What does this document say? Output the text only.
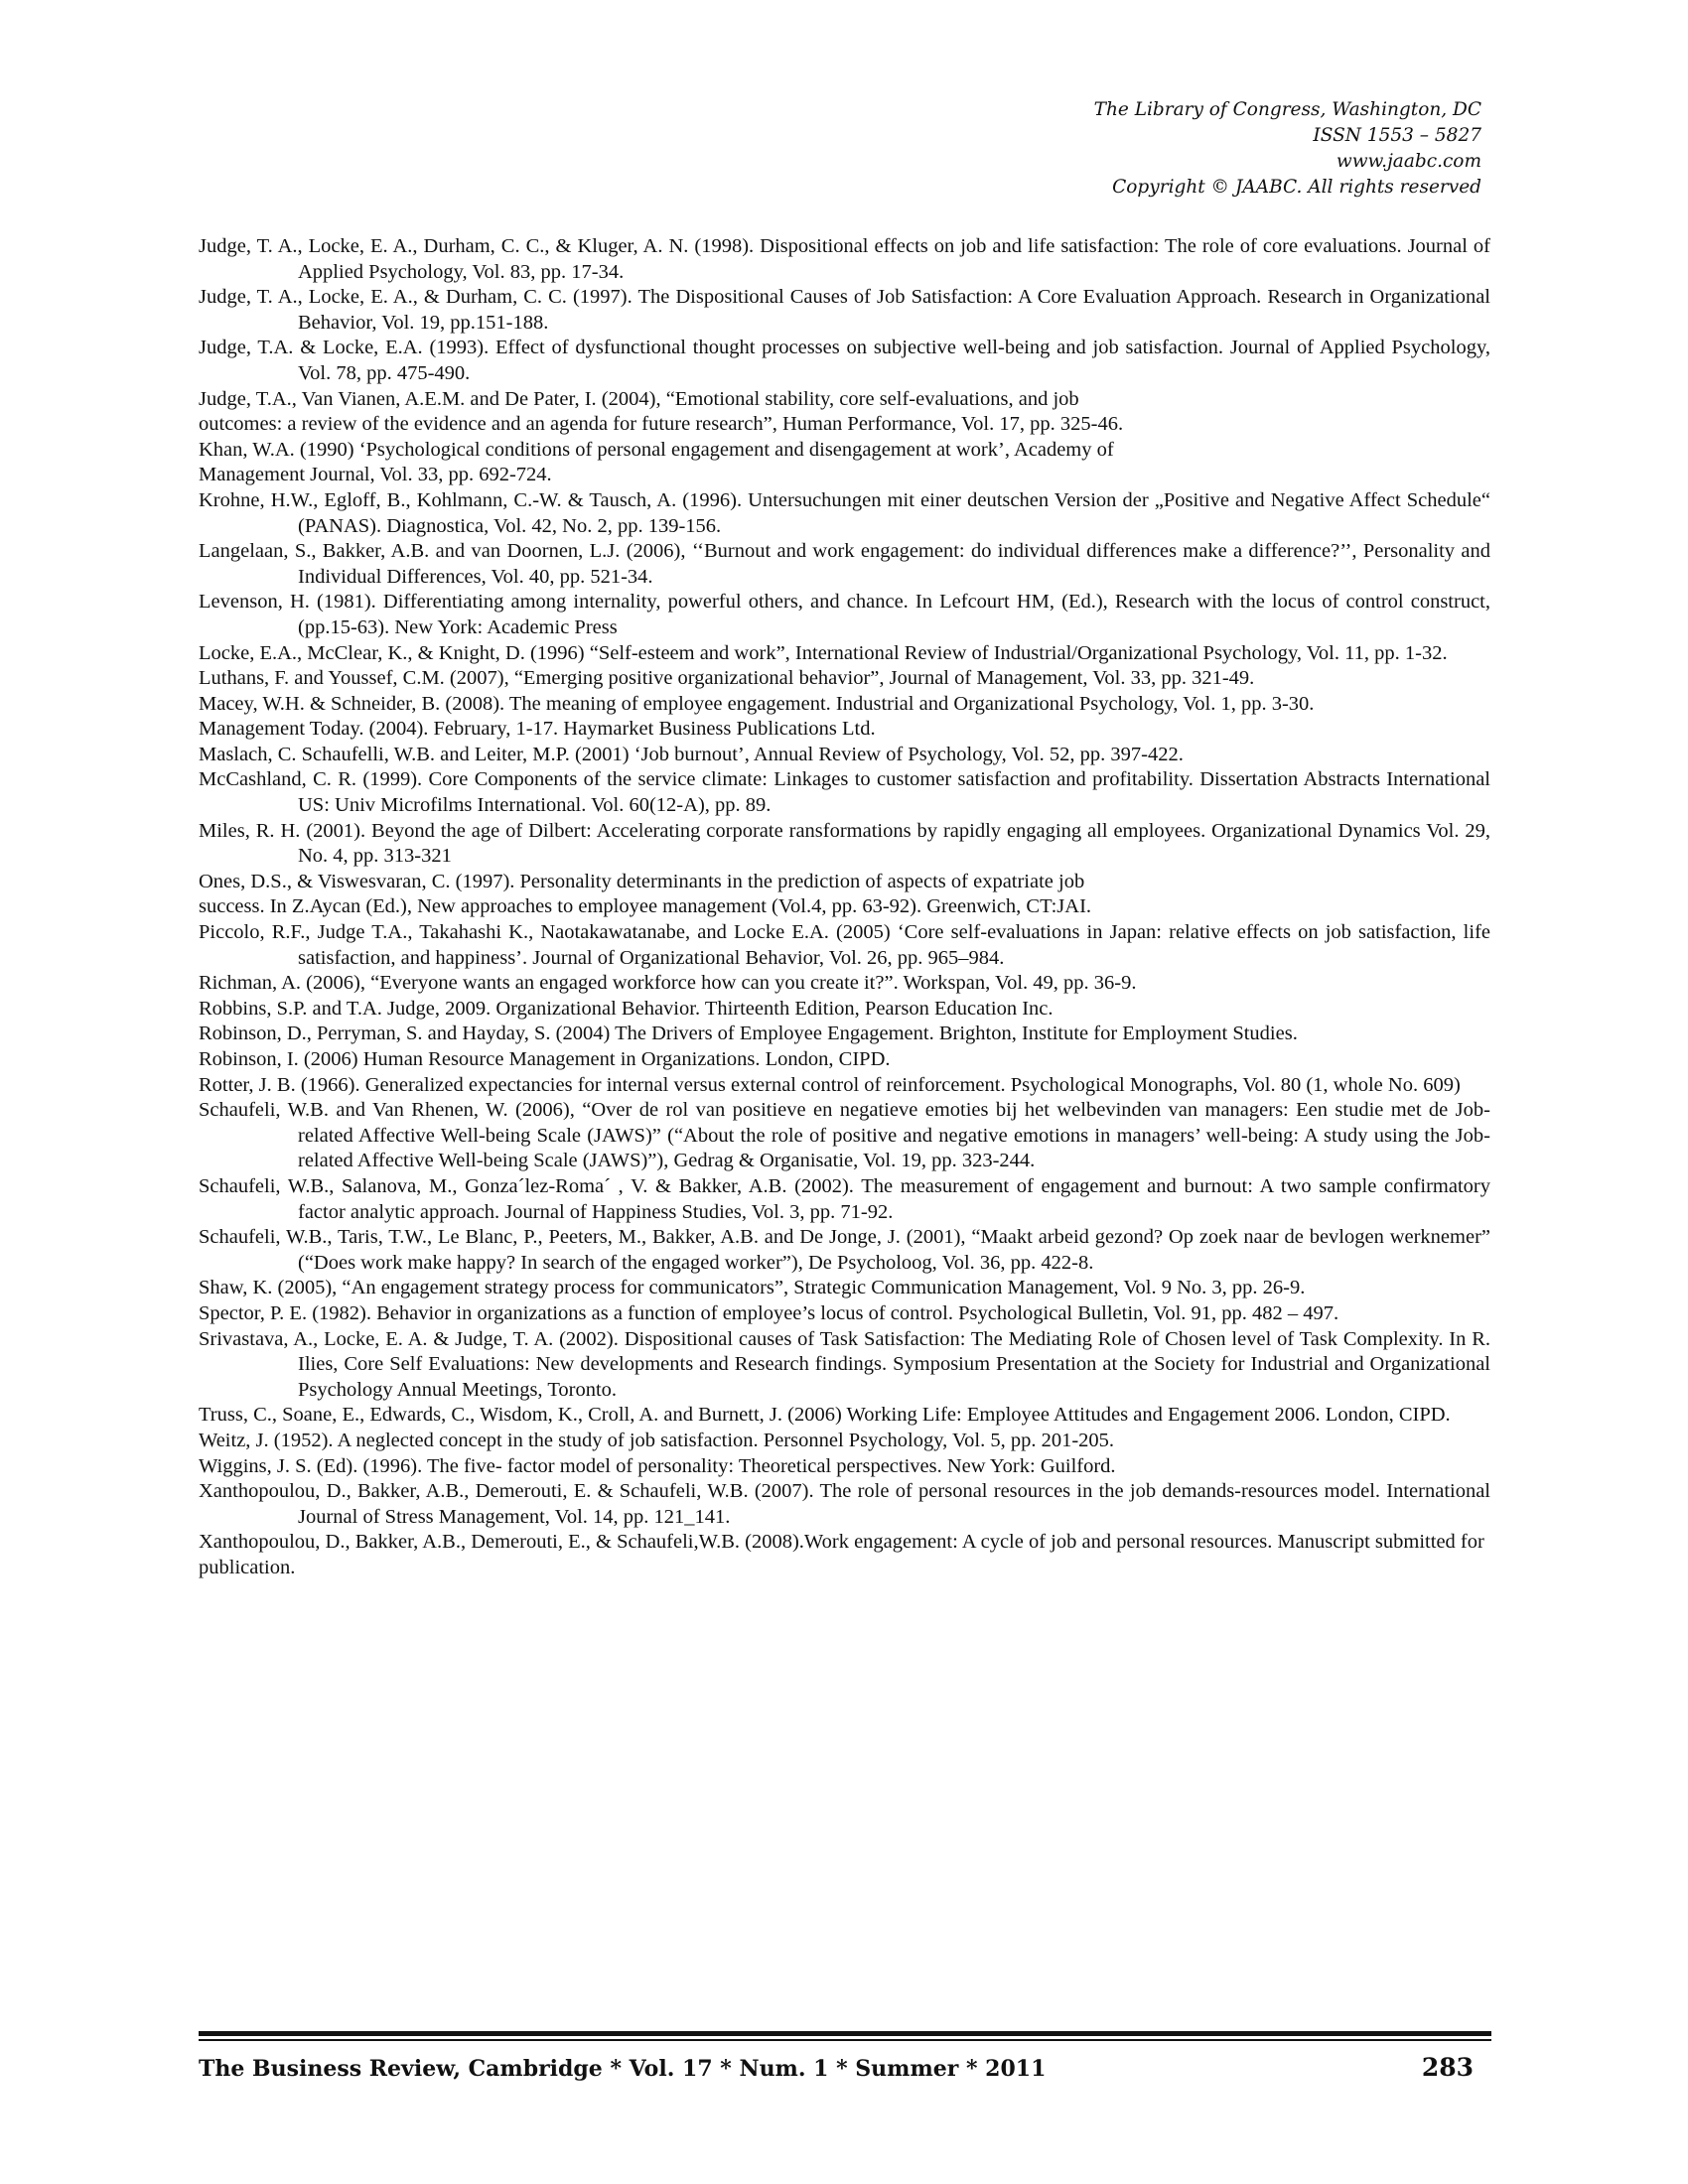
The Library of Congress, Washington, DC
ISSN 1553 – 5827
www.jaabc.com
Copyright © JAABC. All rights reserved

Judge, T. A., Locke, E. A., Durham, C. C., & Kluger, A. N. (1998). Dispositional effects on job and life satisfaction: The role of core evaluations. Journal of Applied Psychology, Vol. 83, pp. 17-34.

Judge, T. A., Locke, E. A., & Durham, C. C. (1997). The Dispositional Causes of Job Satisfaction: A Core Evaluation Approach. Research in Organizational Behavior, Vol. 19, pp.151-188.

Judge, T.A. & Locke, E.A. (1993). Effect of dysfunctional thought processes on subjective well-being and job satisfaction. Journal of Applied Psychology, Vol. 78, pp. 475-490.

Judge, T.A., Van Vianen, A.E.M. and De Pater, I. (2004), “Emotional stability, core self-evaluations, and job

outcomes: a review of the evidence and an agenda for future research”, Human Performance, Vol. 17, pp. 325-46.

Khan, W.A. (1990) ‘Psychological conditions of personal engagement and disengagement at work’, Academy of

Management Journal, Vol. 33, pp. 692-724.

Krohne, H.W., Egloff, B., Kohlmann, C.-W. & Tausch, A. (1996). Untersuchungen mit einer deutschen Version der „Positive and Negative Affect Schedule“ (PANAS). Diagnostica, Vol. 42, No. 2, pp. 139-156.

Langelaan, S., Bakker, A.B. and van Doornen, L.J. (2006), ‘‘Burnout and work engagement: do individual differences make a difference?’’, Personality and Individual Differences, Vol. 40, pp. 521-34.

Levenson, H. (1981). Differentiating among internality, powerful others, and chance. In Lefcourt HM, (Ed.), Research with the locus of control construct, (pp.15-63). New York: Academic Press

Locke, E.A., McClear, K., & Knight, D. (1996) “Self-esteem and work”, International Review of Industrial/Organizational Psychology, Vol. 11, pp. 1-32.

Luthans, F. and Youssef, C.M. (2007), “Emerging positive organizational behavior”, Journal of Management, Vol. 33, pp. 321-49.

Macey, W.H. & Schneider, B. (2008). The meaning of employee engagement. Industrial and Organizational Psychology, Vol. 1, pp. 3-30.

Management Today. (2004). February, 1-17. Haymarket Business Publications Ltd.

Maslach, C. Schaufelli, W.B. and Leiter, M.P. (2001) ‘Job burnout’, Annual Review of Psychology, Vol. 52, pp. 397-422.

McCashland, C. R. (1999). Core Components of the service climate: Linkages to customer satisfaction and profitability. Dissertation Abstracts International US: Univ Microfilms International. Vol. 60(12-A), pp. 89.

Miles, R. H. (2001). Beyond the age of Dilbert: Accelerating corporate ransformations by rapidly engaging all employees. Organizational Dynamics Vol. 29, No. 4, pp. 313-321

Ones, D.S., & Viswesvaran, C. (1997). Personality determinants in the prediction of aspects of expatriate job

success. In Z.Aycan (Ed.), New approaches to employee management (Vol.4, pp. 63-92). Greenwich, CT:JAI.

Piccolo, R.F., Judge T.A., Takahashi K., Naotakawatanabe, and Locke E.A. (2005) ‘Core self-evaluations in Japan: relative effects on job satisfaction, life satisfaction, and happiness’. Journal of Organizational Behavior, Vol. 26, pp. 965–984.

Richman, A. (2006), “Everyone wants an engaged workforce how can you create it?”. Workspan, Vol. 49, pp. 36-9.

Robbins, S.P. and T.A. Judge, 2009. Organizational Behavior. Thirteenth Edition, Pearson Education Inc.

Robinson, D., Perryman, S. and Hayday, S. (2004) The Drivers of Employee Engagement. Brighton, Institute for Employment Studies.

Robinson, I. (2006) Human Resource Management in Organizations. London, CIPD.

Rotter, J. B. (1966). Generalized expectancies for internal versus external control of reinforcement. Psychological Monographs, Vol. 80 (1, whole No. 609)

Schaufeli, W.B. and Van Rhenen, W. (2006), “Over de rol van positieve en negatieve emoties bij het welbevinden van managers: Een studie met de Job-related Affective Well-being Scale (JAWS)” (“About the role of positive and negative emotions in managers’ well-being: A study using the Job-related Affective Well-being Scale (JAWS)”), Gedrag & Organisatie, Vol. 19, pp. 323-244.

Schaufeli, W.B., Salanova, M., Gonza´lez-Roma´ , V. & Bakker, A.B. (2002). The measurement of engagement and burnout: A two sample confirmatory factor analytic approach. Journal of Happiness Studies, Vol. 3, pp. 71-92.

Schaufeli, W.B., Taris, T.W., Le Blanc, P., Peeters, M., Bakker, A.B. and De Jonge, J. (2001), “Maakt arbeid gezond? Op zoek naar de bevlogen werknemer” (“Does work make happy? In search of the engaged worker”), De Psycholoog, Vol. 36, pp. 422-8.

Shaw, K. (2005), “An engagement strategy process for communicators”, Strategic Communication Management, Vol. 9 No. 3, pp. 26-9.

Spector, P. E. (1982). Behavior in organizations as a function of employee’s locus of control. Psychological Bulletin, Vol. 91, pp. 482 – 497.

Srivastava, A., Locke, E. A. & Judge, T. A. (2002). Dispositional causes of Task Satisfaction: The Mediating Role of Chosen level of Task Complexity. In R. Ilies, Core Self Evaluations: New developments and Research findings. Symposium Presentation at the Society for Industrial and Organizational Psychology Annual Meetings, Toronto.

Truss, C., Soane, E., Edwards, C., Wisdom, K., Croll, A. and Burnett, J. (2006) Working Life: Employee Attitudes and Engagement 2006. London, CIPD.

Weitz, J. (1952). A neglected concept in the study of job satisfaction. Personnel Psychology, Vol. 5, pp. 201-205.

Wiggins, J. S. (Ed). (1996). The five- factor model of personality: Theoretical perspectives. New York: Guilford.

Xanthopoulou, D., Bakker, A.B., Demerouti, E. & Schaufeli, W.B. (2007). The role of personal resources in the job demands-resources model. International Journal of Stress Management, Vol. 14, pp. 121_141.

Xanthopoulou, D., Bakker, A.B., Demerouti, E., & Schaufeli,W.B. (2008).Work engagement: A cycle of job and personal resources. Manuscript submitted for publication.

The Business Review, Cambridge * Vol. 17 * Num. 1 * Summer * 2011	283
